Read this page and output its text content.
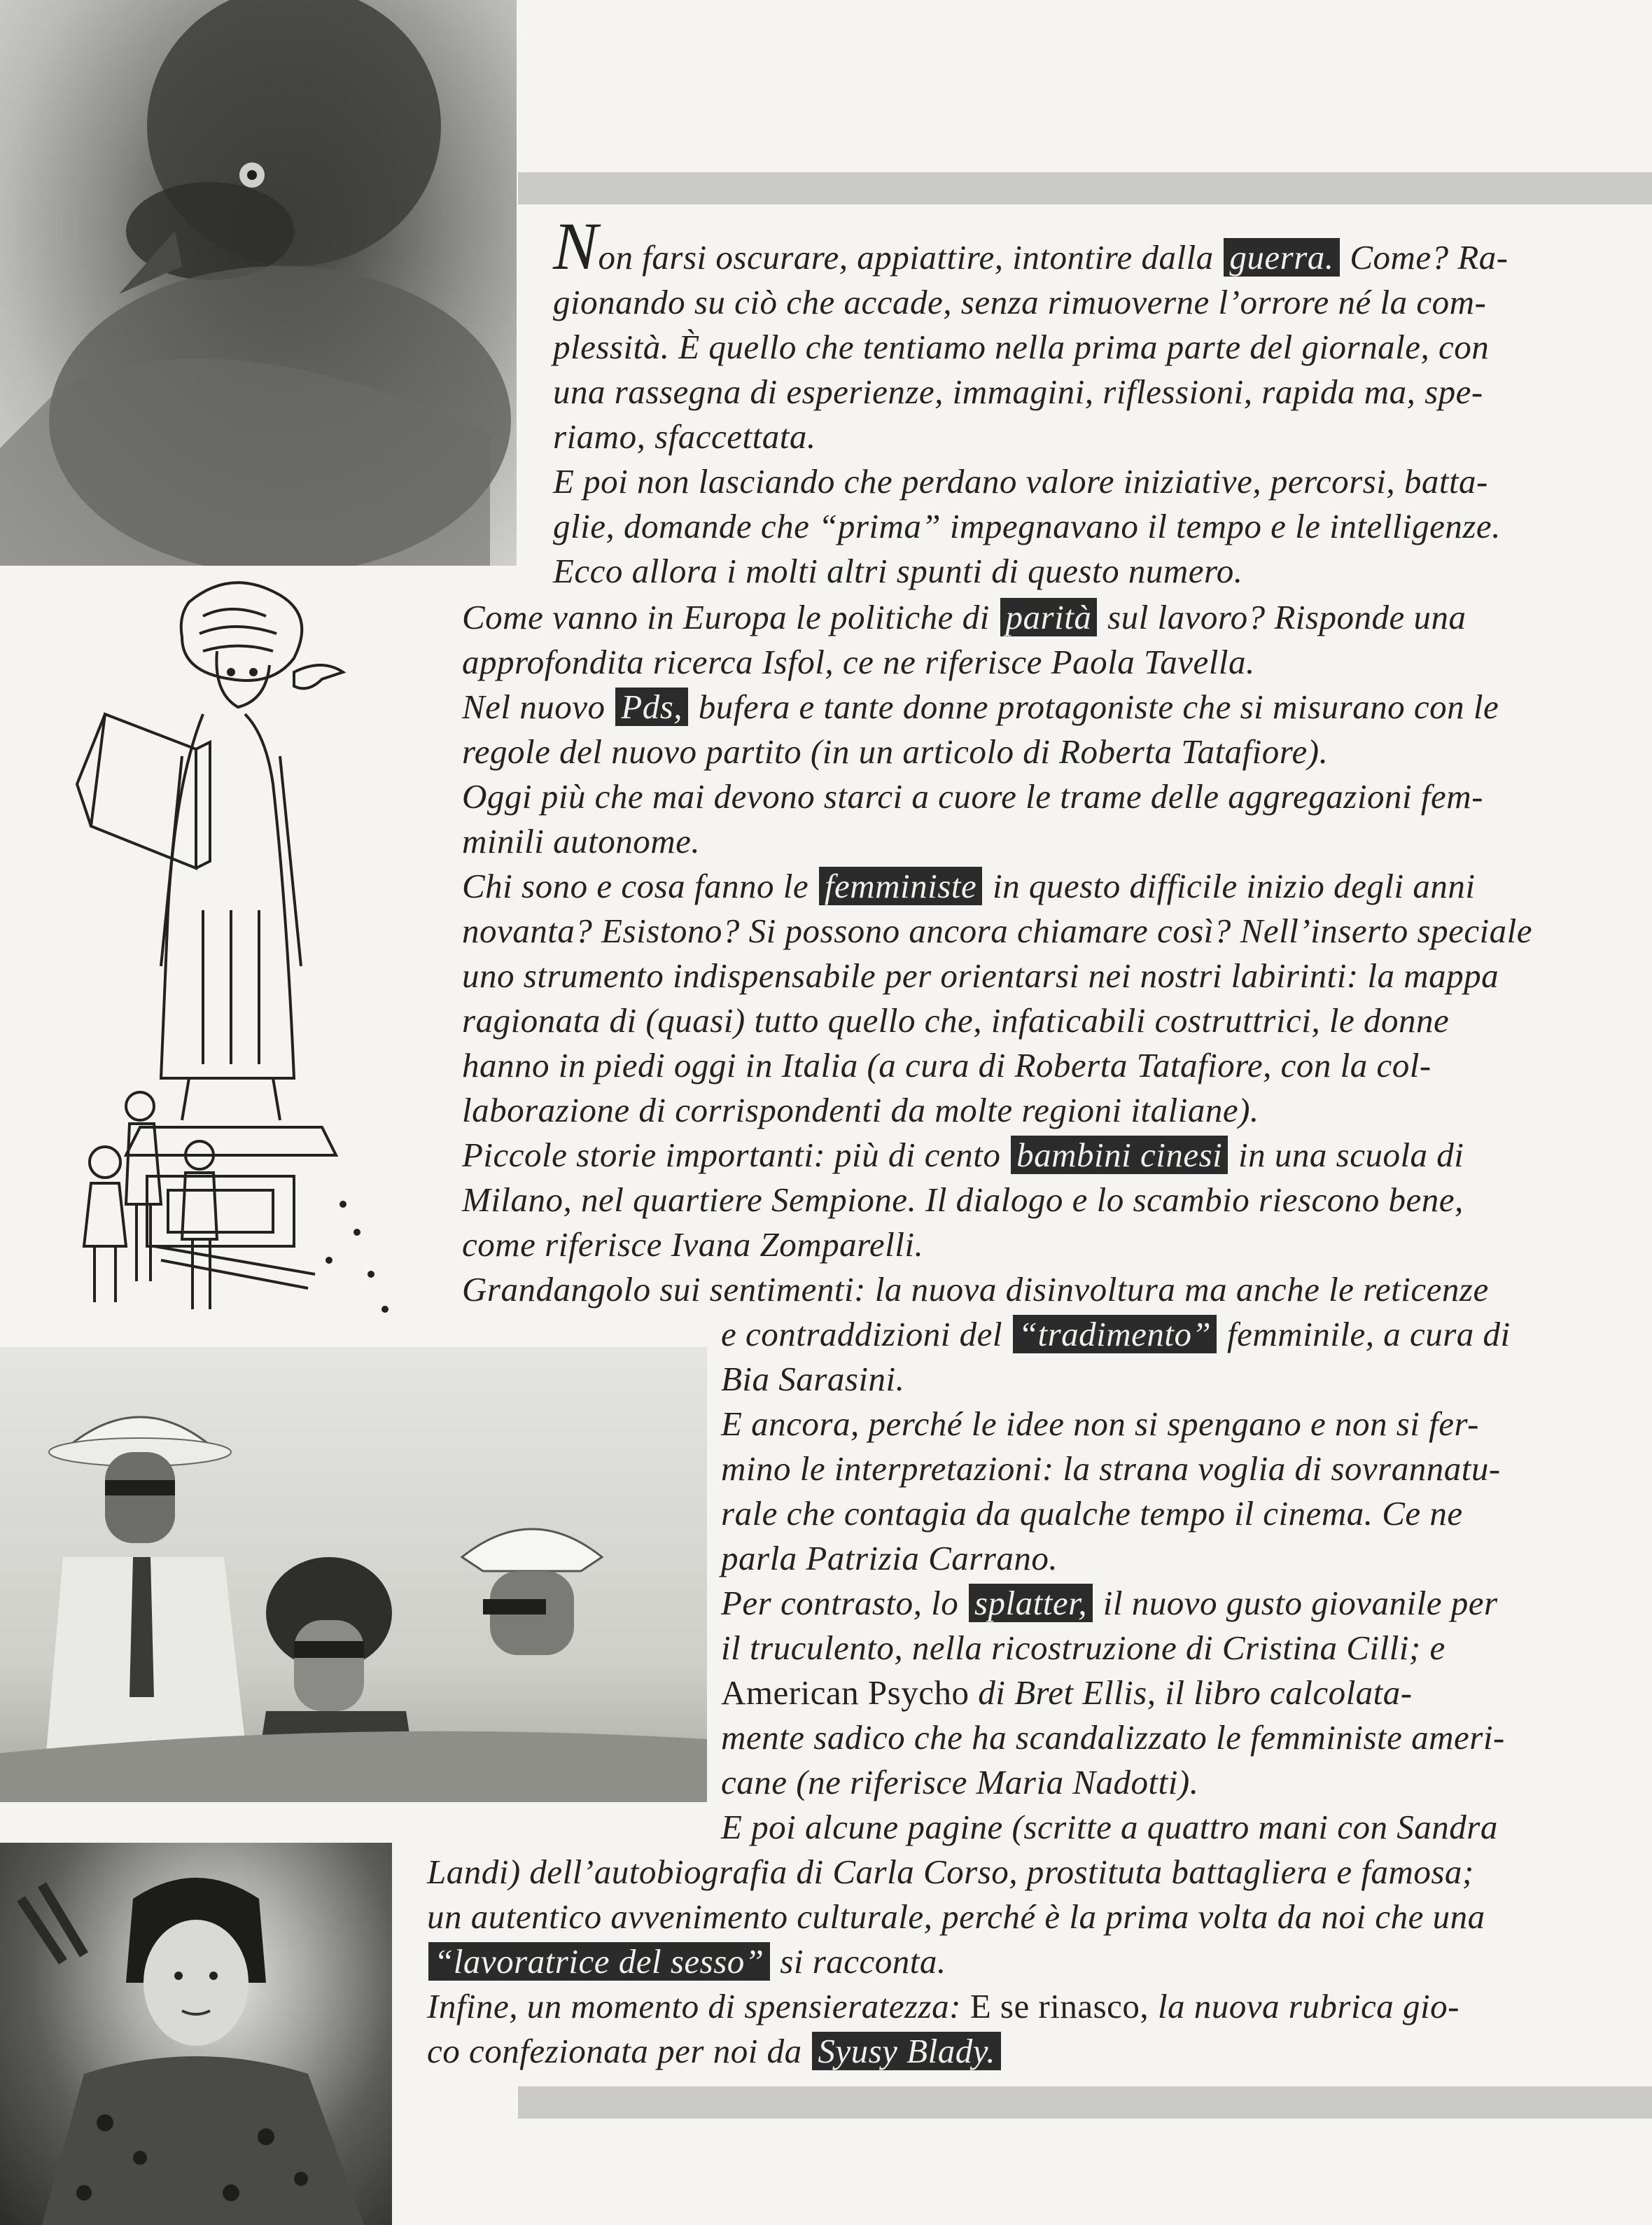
Non farsi oscurare, appiattire, intontire dalla guerra. Come? Ra-

gionando su ciò che accade, senza rimuoverne l’orrore né la com-

plessità. È quello che tentiamo nella prima parte del giornale, con

una rassegna di esperienze, immagini, riflessioni, rapida ma, spe-

riamo, sfaccettata.

E poi non lasciando che perdano valore iniziative, percorsi, batta-

glie, domande che “prima” impegnavano il tempo e le intelligenze.

Ecco allora i molti altri spunti di questo numero.

Come vanno in Europa le politiche di parità sul lavoro? Risponde una

approfondita ricerca Isfol, ce ne riferisce Paola Tavella.

Nel nuovo Pds, bufera e tante donne protagoniste che si misurano con le

regole del nuovo partito (in un articolo di Roberta Tatafiore).

Oggi più che mai devono starci a cuore le trame delle aggregazioni fem-

minili autonome.

Chi sono e cosa fanno le femministe in questo difficile inizio degli anni

novanta? Esistono? Si possono ancora chiamare così? Nell’inserto speciale

uno strumento indispensabile per orientarsi nei nostri labirinti: la mappa

ragionata di (quasi) tutto quello che, infaticabili costruttrici, le donne

hanno in piedi oggi in Italia (a cura di Roberta Tatafiore, con la col-

laborazione di corrispondenti da molte regioni italiane).

Piccole storie importanti: più di cento bambini cinesi in una scuola di

Milano, nel quartiere Sempione. Il dialogo e lo scambio riescono bene,

come riferisce Ivana Zomparelli.

Grandangolo sui sentimenti: la nuova disinvoltura ma anche le reticenze

e contraddizioni del “tradimento” femminile, a cura di

Bia Sarasini.

E ancora, perché le idee non si spengano e non si fer-

mino le interpretazioni: la strana voglia di sovrannatu-

rale che contagia da qualche tempo il cinema. Ce ne

parla Patrizia Carrano.

Per contrasto, lo splatter, il nuovo gusto giovanile per

il truculento, nella ricostruzione di Cristina Cilli; e

American Psycho di Bret Ellis, il libro calcolata-

mente sadico che ha scandalizzato le femministe ameri-

cane (ne riferisce Maria Nadotti).

E poi alcune pagine (scritte a quattro mani con Sandra

Landi) dell’autobiografia di Carla Corso, prostituta battagliera e famosa;

un autentico avvenimento culturale, perché è la prima volta da noi che una

“lavoratrice del sesso” si racconta.

Infine, un momento di spensieratezza: E se rinasco, la nuova rubrica gio-

co confezionata per noi da Syusy Blady.
